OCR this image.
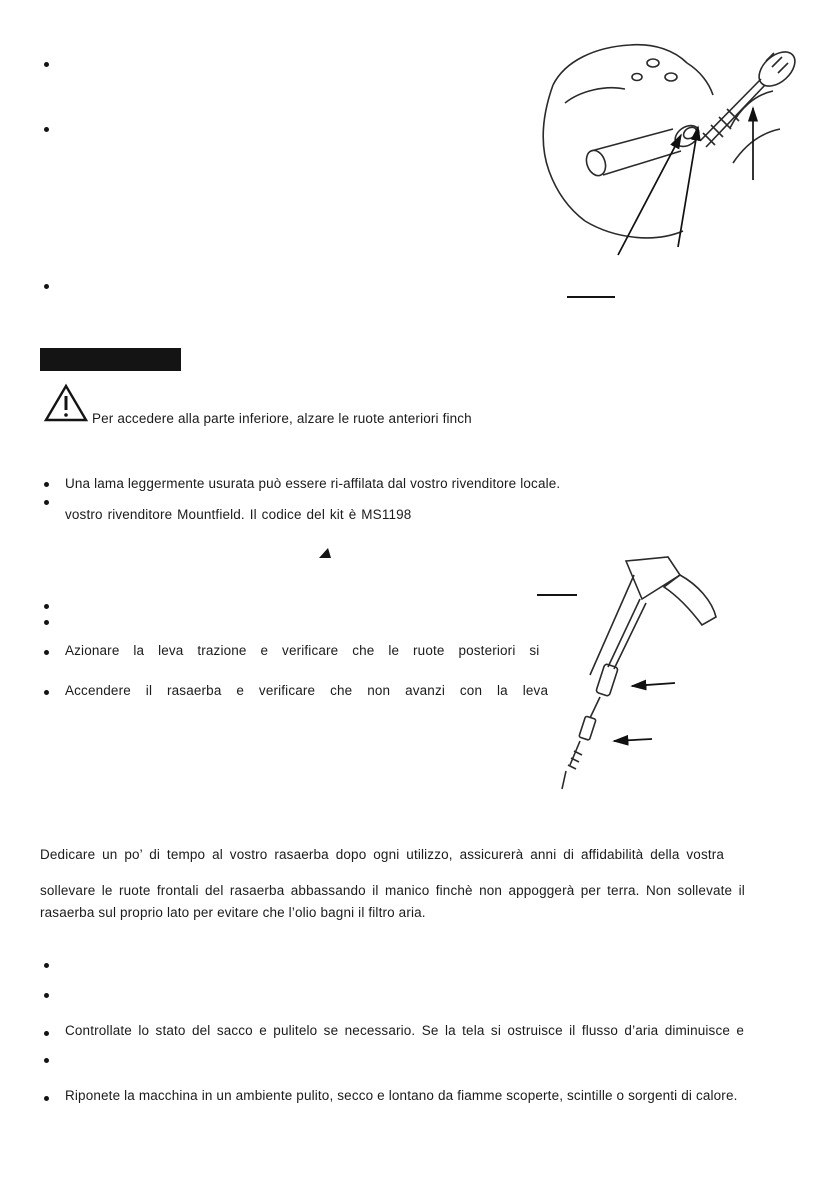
Per accedere alla parte inferiore, alzare le ruote anteriori finch
Una lama leggermente usurata può essere ri-affilata dal vostro rivenditore locale.
vostro rivenditore Mountfield. Il codice del kit è MS1198
Azionare la leva trazione e verificare che le ruote posteriori si
Accendere il rasaerba e verificare che non avanzi con la leva
Dedicare un po’ di tempo al vostro rasaerba dopo ogni utilizzo, assicurerà anni di affidabilità della vostra
sollevare le ruote frontali del rasaerba abbassando il manico finchè non appoggerà per terra. Non sollevate il
rasaerba sul proprio lato per evitare che l’olio bagni il filtro aria.
Controllate lo stato del sacco e pulitelo se necessario. Se la tela si ostruisce il flusso d’aria diminuisce e
Riponete la macchina in un ambiente pulito, secco e lontano da fiamme scoperte, scintille o sorgenti di calore.
